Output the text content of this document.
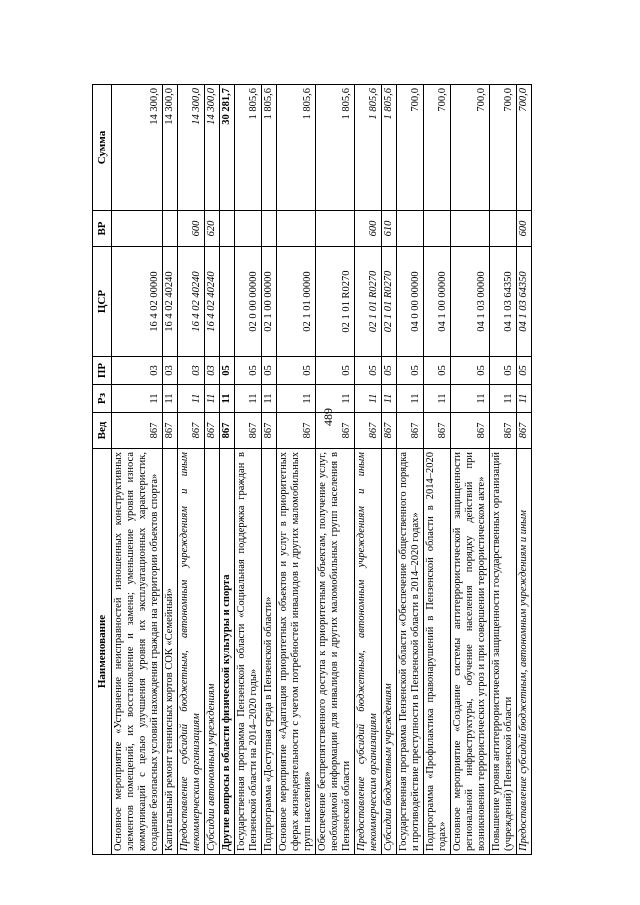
489
Наименование	Вед	Рз	ПР	ЦСР	ВР	Сумма
Основное мероприятие «Устранение неисправностей изношенных конструктивных элементов помещений, их восстановление и замена; уменьшение уровня износа коммуникаций с целью улучшения уровня их эксплуатационных характеристик, создание безопасных условий нахождения граждан на территории объектов спорта»	867	11	03	16 4 02 00000		14 300,0
Капитальный ремонт теннисных кортов СОК «Семейный»	867	11	03	16 4 02 40240		14 300,0
Предоставление субсидий бюджетным, автономным учреждениям и иным некоммерческим организациям	867	11	03	16 4 02 40240	600	14 300,0
Субсидии автономным учреждениям	867	11	03	16 4 02 40240	620	14 300,0
Другие вопросы в области физической культуры и спорта	867	11	05			30 281,7
Государственная программа Пензенской области «Социальная поддержка граждан в Пензенской области на 2014–2020 годы»	867	11	05	02 0 00 00000		1 805,6
Подпрограмма «Доступная среда в Пензенской области»	867	11	05	02 1 00 00000		1 805,6
Основное мероприятие «Адаптация приоритетных объектов и услуг в приоритетных сферах жизнедеятельности с учетом потребностей инвалидов и других маломобильных групп населения»	867	11	05	02 1 01 00000		1 805,6
Обеспечение беспрепятственного доступа к приоритетным объектам, получение услуг, необходимой информации для инвалидов и других маломобильных групп населения в Пензенской области	867	11	05	02 1 01 R0270		1 805,6
Предоставление субсидий бюджетным, автономным учреждениям и иным некоммерческим организациям	867	11	05	02 1 01 R0270	600	1 805,6
Субсидии бюджетным учреждениям	867	11	05	02 1 01 R0270	610	1 805,6
Государственная программа Пензенской области «Обеспечение общественного порядка и противодействие преступности в Пензенской области в 2014–2020 годах»	867	11	05	04 0 00 00000		700,0
Подпрограмма «Профилактика правонарушений в Пензенской области в 2014–2020 годах»	867	11	05	04 1 00 00000		700,0
Основное мероприятие «Создание системы антитеррористической защищенности региональной инфраструктуры, обучение населения порядку действий при возникновении террористических угроз и при совершении террористическом акте»	867	11	05	04 1 03 00000		700,0
Повышение уровня антитеррористической защищенности государственных организаций (учреждений) Пензенской области	867	11	05	04 1 03 64350		700,0
Предоставление субсидий бюджетным, автономным учреждениям и иным	867	11	05	04 1 03 64350	600	700,0
